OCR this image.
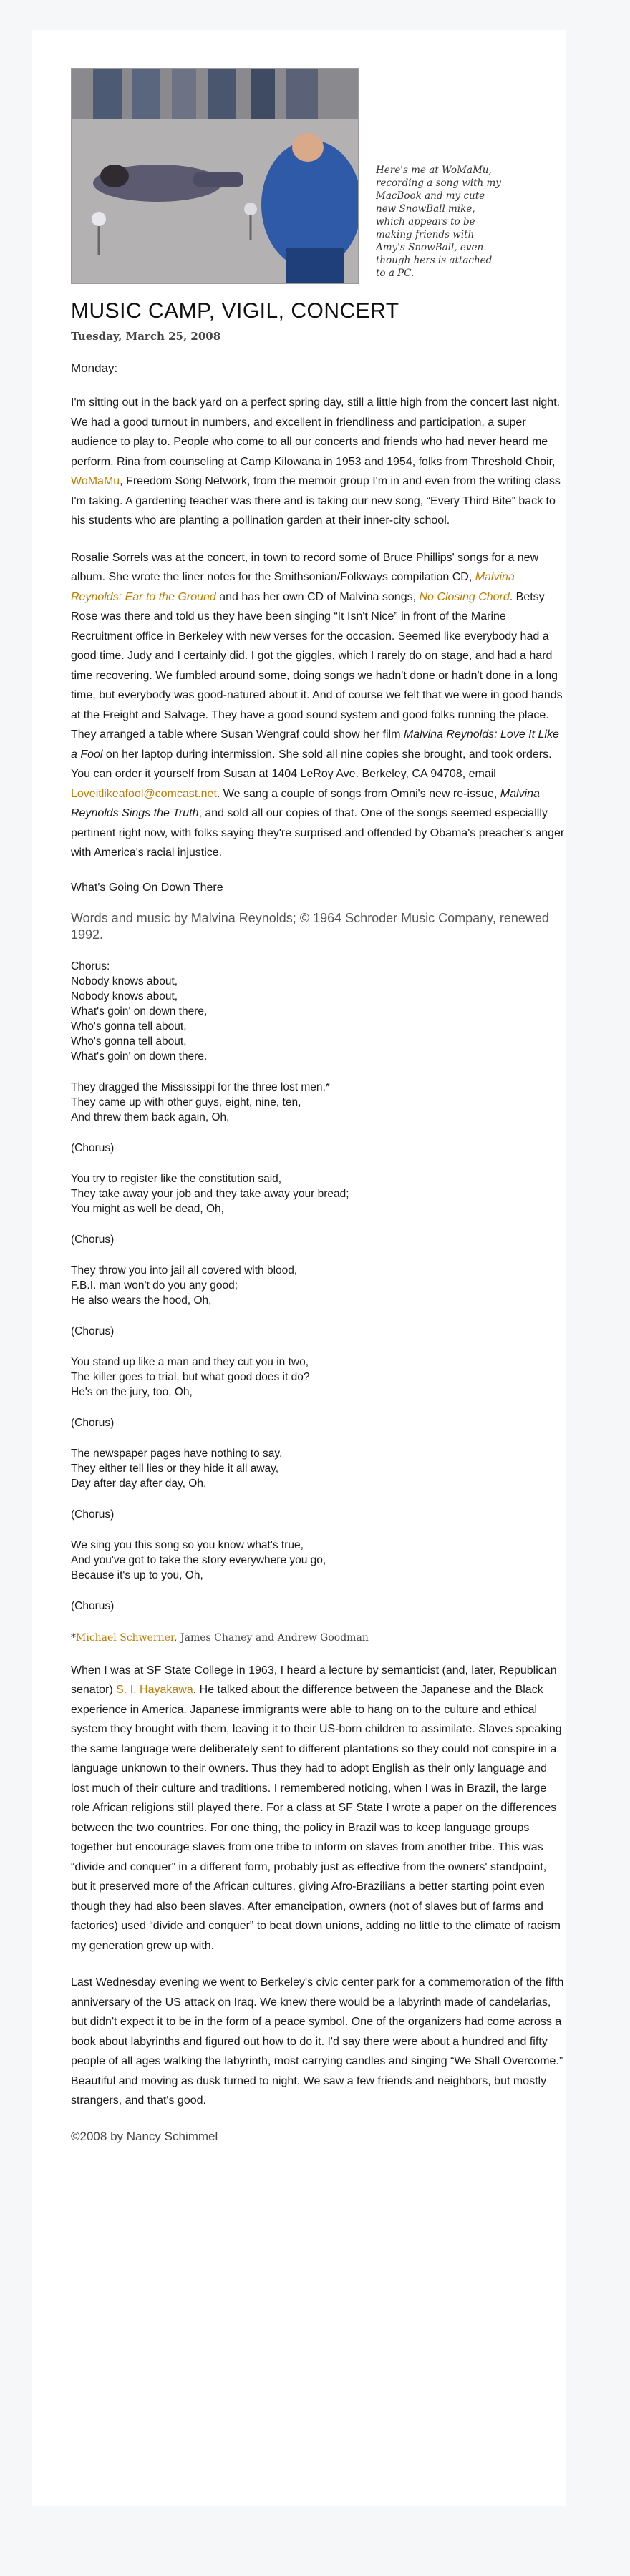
Here's me at WoMaMu, recording a song with my MacBook and my cute new SnowBall mike, which appears to be making friends with Amy's SnowBall, even though hers is attached to a PC.
MUSIC CAMP, VIGIL, CONCERT
Tuesday, March 25, 2008
Monday:

I'm sitting out in the back yard on a perfect spring day, still a little high from the concert last night. We had a good turnout in numbers, and excellent in friendliness and participation, a super audience to play to. People who come to all our concerts and friends who had never heard me perform. Rina from counseling at Camp Kilowana in 1953 and 1954, folks from Threshold Choir, WoMaMu, Freedom Song Network, from the memoir group I'm in and even from the writing class I'm taking. A gardening teacher was there and is taking our new song, “Every Third Bite” back to his students who are planting a pollination garden at their inner-city school.

Rosalie Sorrels was at the concert, in town to record some of Bruce Phillips' songs for a new album. She wrote the liner notes for the Smithsonian/Folkways compilation CD, Malvina Reynolds: Ear to the Ground and has her own CD of Malvina songs, No Closing Chord. Betsy Rose was there and told us they have been singing “It Isn't Nice” in front of the Marine Recruitment office in Berkeley with new verses for the occasion. Seemed like everybody had a good time. Judy and I certainly did. I got the giggles, which I rarely do on stage, and had a hard time recovering. We fumbled around some, doing songs we hadn't done or hadn't done in a long time, but everybody was good-natured about it. And of course we felt that we were in good hands at the Freight and Salvage. They have a good sound system and good folks running the place. They arranged a table where Susan Wengraf could show her film Malvina Reynolds: Love It Like a Fool on her laptop during intermission. She sold all nine copies she brought, and took orders. You can order it yourself from Susan at 1404 LeRoy Ave. Berkeley, CA 94708, email Loveitlikeafool@comcast.net. We sang a couple of songs from Omni's new re-issue, Malvina Reynolds Sings the Truth, and sold all our copies of that. One of the songs seemed especiallly pertinent right now, with folks saying they're surprised and offended by Obama's preacher's anger with America's racial injustice.

What's Going On Down There
Words and music by Malvina Reynolds; © 1964 Schroder Music Company, renewed 1992.
Chorus:
Nobody knows about,
Nobody knows about,
What's goin' on down there,
Who's gonna tell about,
Who's gonna tell about,
What's goin' on down there.
They dragged the Mississippi for the three lost men,*
They came up with other guys, eight, nine, ten,
And threw them back again, Oh,
(Chorus)
You try to register like the constitution said,
They take away your job and they take away your bread;
You might as well be dead, Oh,
(Chorus)
They throw you into jail all covered with blood,
F.B.I. man won't do you any good;
He also wears the hood, Oh,
(Chorus)
You stand up like a man and they cut you in two,
The killer goes to trial, but what good does it do?
He's on the jury, too, Oh,
(Chorus)
The newspaper pages have nothing to say,
They either tell lies or they hide it all away,
Day after day after day, Oh,
(Chorus)
We sing you this song so you know what's true,
And you've got to take the story everywhere you go,
Because it's up to you, Oh,
(Chorus)
*Michael Schwerner, James Chaney and Andrew Goodman

When I was at SF State College in 1963, I heard a lecture by semanticist (and, later, Republican senator) S. I. Hayakawa. He talked about the difference between the Japanese and the Black experience in America. Japanese immigrants were able to hang on to the culture and ethical system they brought with them, leaving it to their US-born children to assimilate. Slaves speaking the same language were deliberately sent to different plantations so they could not conspire in a language unknown to their owners. Thus they had to adopt English as their only language and lost much of their culture and traditions. I remembered noticing, when I was in Brazil, the large role African religions still played there. For a class at SF State I wrote a paper on the differences between the two countries. For one thing, the policy in Brazil was to keep language groups together but encourage slaves from one tribe to inform on slaves from another tribe. This was “divide and conquer” in a different form, probably just as effective from the owners' standpoint, but it preserved more of the African cultures, giving Afro-Brazilians a better starting point even though they had also been slaves. After emancipation, owners (not of slaves but of farms and factories) used “divide and conquer” to beat down unions, adding no little to the climate of racism my generation grew up with.

Last Wednesday evening we went to Berkeley's civic center park for a commemoration of the fifth anniversary of the US attack on Iraq. We knew there would be a labyrinth made of candelarias, but didn't expect it to be in the form of a peace symbol. One of the organizers had come across a book about labyrinths and figured out how to do it. I'd say there were about a hundred and fifty people of all ages walking the labyrinth, most carrying candles and singing “We Shall Overcome.” Beautiful and moving as dusk turned to night. We saw a few friends and neighbors, but mostly strangers, and that's good.

©2008 by Nancy Schimmel
